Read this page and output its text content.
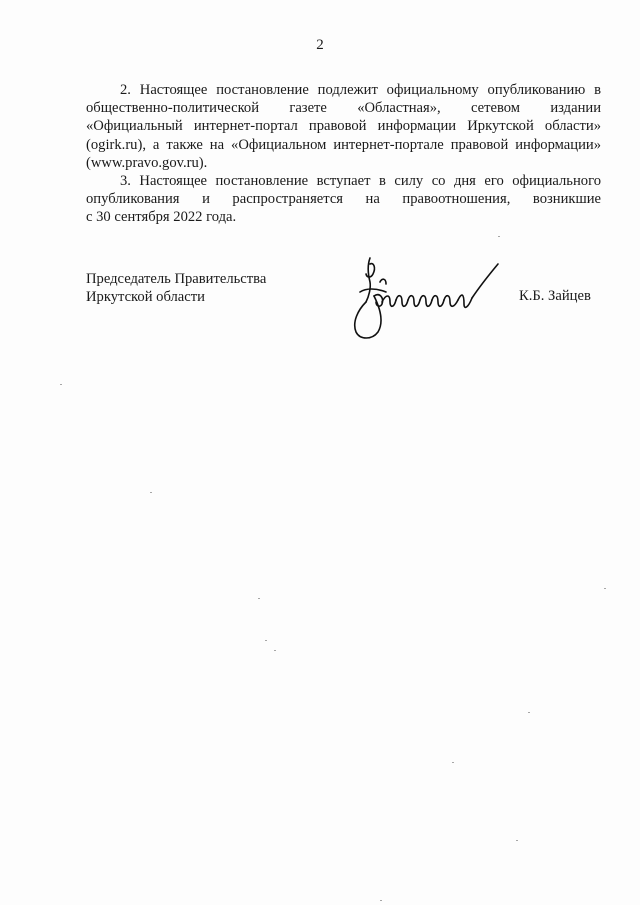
2
2. Настоящее постановление подлежит официальному опубликованию в
общественно-политической газете «Областная», сетевом издании
«Официальный интернет-портал правовой информации Иркутской области»
(ogirk.ru), а также на «Официальном интернет-портале правовой информации»
(www.pravo.gov.ru).
3. Настоящее постановление вступает в силу со дня его официального
опубликования и распространяется на правоотношения, возникшие
с 30 сентября 2022 года.
Председатель Правительства
Иркутской области	К.Б. Зайцев
